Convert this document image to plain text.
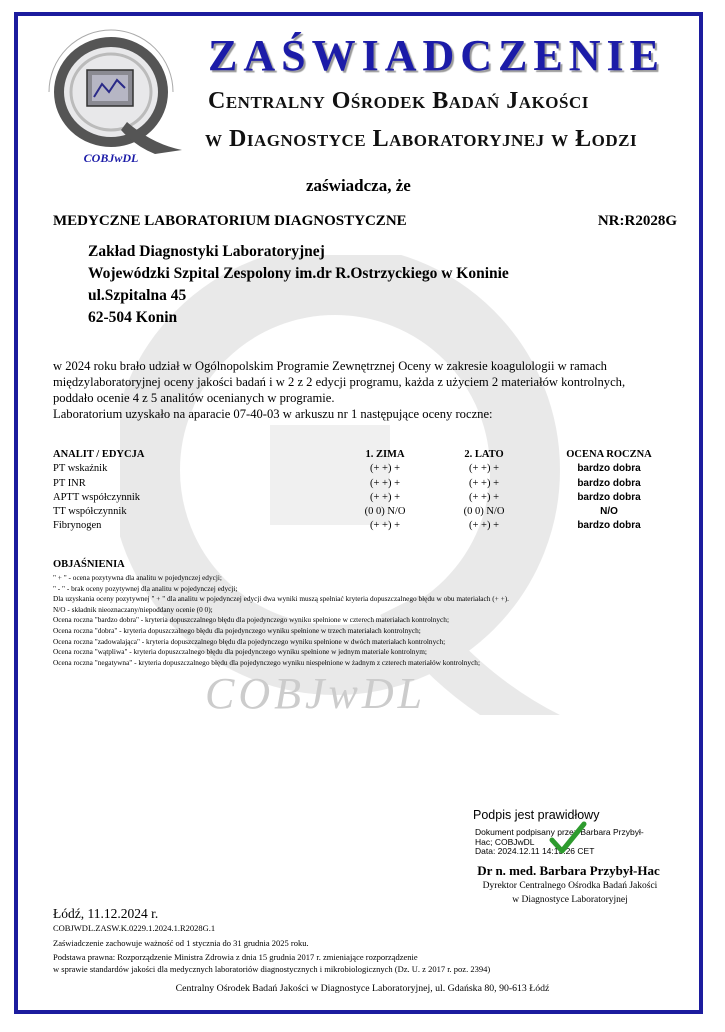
COBJwDL
COBJwDL
ZAŚWIADCZENIE
Centralny Ośrodek Badań Jakości
w Diagnostyce Laboratoryjnej w Łodzi
zaświadcza, że
MEDYCZNE LABORATORIUM DIAGNOSTYCZNE	NR:R2028G
Zakład Diagnostyki Laboratoryjnej
Wojewódzki Szpital Zespolony im.dr R.Ostrzyckiego w Koninie
ul.Szpitalna 45
62-504 Konin
w 2024 roku brało udział w Ogólnopolskim Programie Zewnętrznej Oceny w zakresie koagulologii w ramach
międzylaboratoryjnej oceny jakości badań i w 2 z 2 edycji programu, każda z użyciem 2 materiałów kontrolnych,
poddało ocenie 4 z 5 analitów ocenianych w programie.
Laboratorium uzyskało na aparacie 07-40-03 w arkuszu nr 1 następujące oceny roczne:
ANALIT / EDYCJA	1. ZIMA	2. LATO	OCENA ROCZNA
PT wskaźnik	(+ +) +	(+ +) +	bardzo dobra
PT INR	(+ +) +	(+ +) +	bardzo dobra
APTT współczynnik	(+ +) +	(+ +) +	bardzo dobra
TT współczynnik	(0 0) N/O	(0 0) N/O	N/O
Fibrynogen	(+ +) +	(+ +) +	bardzo dobra
OBJAŚNIENIA
" + " - ocena pozytywna dla analitu w pojedynczej edycji;
" - " - brak oceny pozytywnej dla analitu w pojedynczej edycji;
Dla uzyskania oceny pozytywnej " + " dla analitu w pojedynczej edycji dwa wyniki muszą spełniać kryteria dopuszczalnego błędu w obu materiałach (+ +).
N/O - składnik nieoznaczany/niepoddany ocenie (0 0);
Ocena roczna "bardzo dobra" - kryteria dopuszczalnego błędu dla pojedynczego wyniku spełnione w czterech materiałach kontrolnych;
Ocena roczna "dobra" - kryteria dopuszczalnego błędu dla pojedynczego wyniku spełnione w trzech materiałach kontrolnych;
Ocena roczna "zadowalająca" - kryteria dopuszczalnego błędu dla pojedynczego wyniku spełnione w dwóch materiałach kontrolnych;
Ocena roczna "wątpliwa" - kryteria dopuszczalnego błędu dla pojedynczego wyniku spełnione w jednym materiale kontrolnym;
Ocena roczna "negatywna" - kryteria dopuszczalnego błędu dla pojedynczego wyniku niespełnione w żadnym z czterech materiałów kontrolnych;
Podpis jest prawidłowy
Dokument podpisany przez Barbara Przybył-
Hac; COBJwDL
Data: 2024.12.11 14:13:26 CET
Dr n. med. Barbara Przybył-Hac
Dyrektor Centralnego Ośrodka Badań Jakości
w Diagnostyce Laboratoryjnej
Łódź, 11.12.2024 r.
COBJWDL.ZASW.K.0229.1.2024.1.R2028G.1
Zaświadczenie zachowuje ważność od 1 stycznia do 31 grudnia 2025 roku.
Podstawa prawna: Rozporządzenie Ministra Zdrowia z dnia 15 grudnia 2017 r. zmieniające rozporządzenie
w sprawie standardów jakości dla medycznych laboratoriów diagnostycznych i mikrobiologicznych (Dz. U. z 2017 r. poz. 2394)
Centralny Ośrodek Badań Jakości w Diagnostyce Laboratoryjnej, ul. Gdańska 80, 90-613 Łódź
